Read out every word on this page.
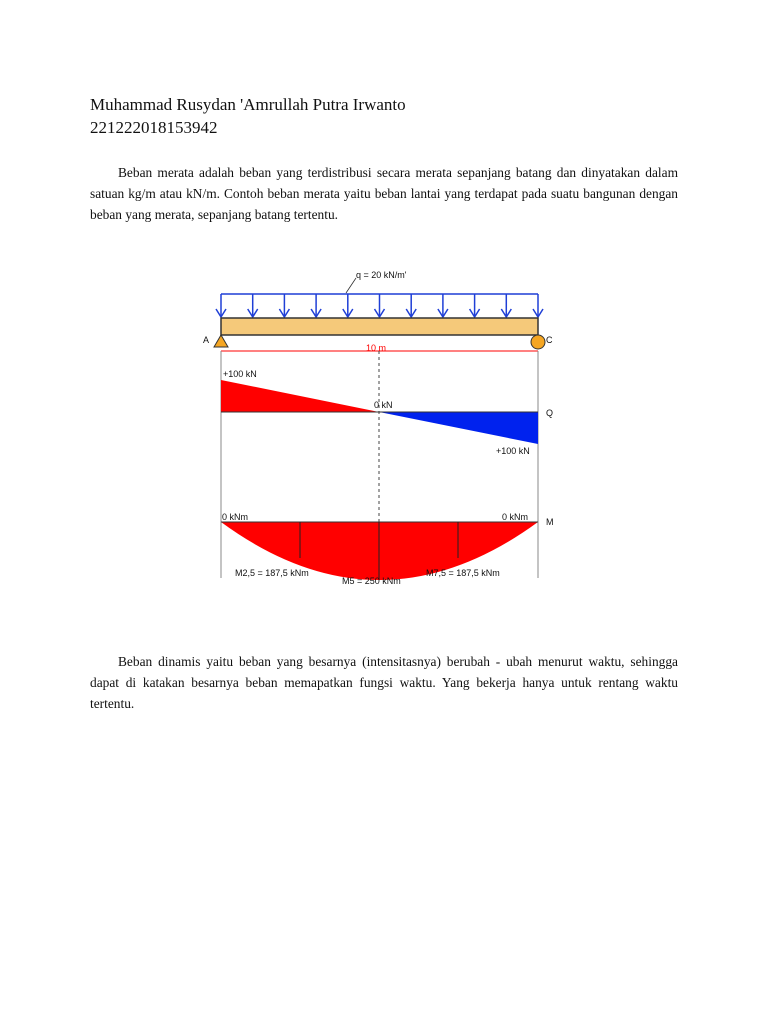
Muhammad Rusydan 'Amrullah Putra Irwanto
221222018153942

Beban merata adalah beban yang terdistribusi secara merata sepanjang batang dan dinyatakan dalam satuan kg/m atau kN/m. Contoh beban merata yaitu beban lantai yang terdapat pada suatu bangunan dengan beban yang merata, sepanjang batang tertentu.

q = 20 kN/m'
A	C
10 m
+100 kN
0 kN
+100 kN
Q
0 kNm	0 kNm M
M2,5 = 187,5 kNm
M5 = 250 kNm
M7,5 = 187,5 kNm

Beban dinamis yaitu beban yang besarnya (intensitasnya) berubah - ubah menurut waktu, sehingga dapat di katakan besarnya beban memapatkan fungsi waktu. Yang bekerja hanya untuk rentang waktu tertentu.
